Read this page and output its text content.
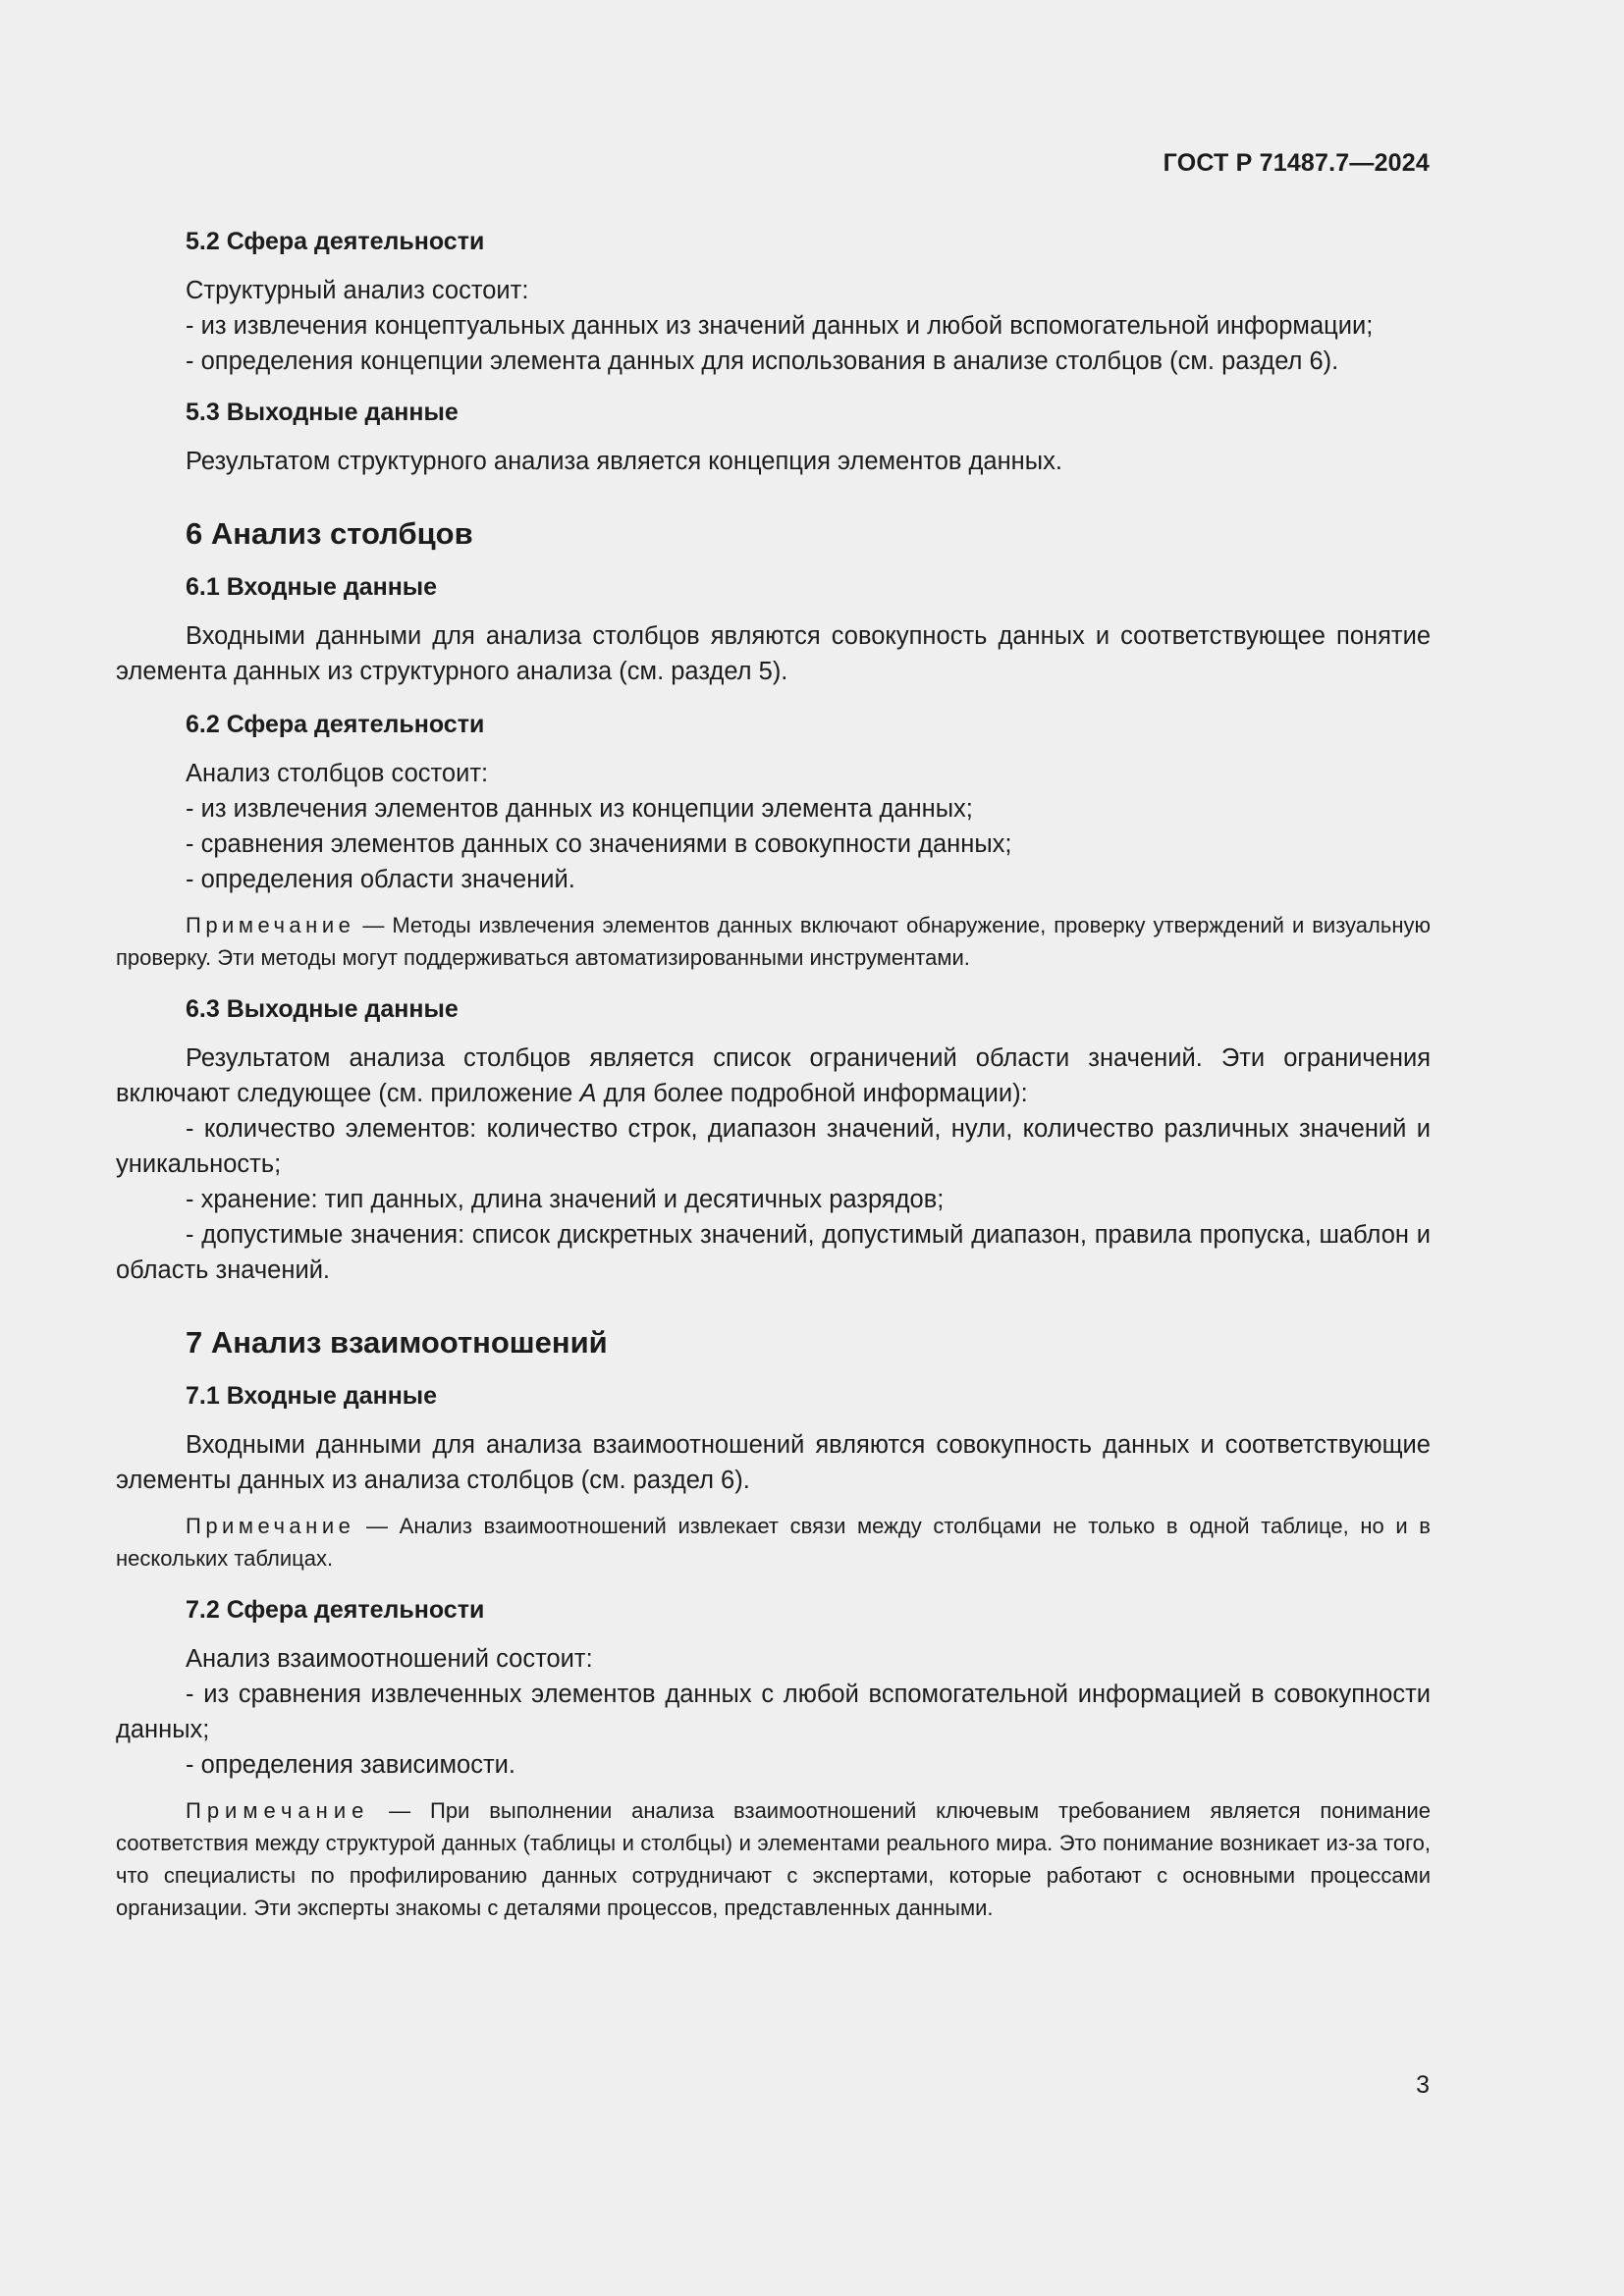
ГОСТ Р 71487.7—2024
5.2 Сфера деятельности

Структурный анализ состоит:

- из извлечения концептуальных данных из значений данных и любой вспомогательной информации;

- определения концепции элемента данных для использования в анализе столбцов (см. раздел 6).

5.3 Выходные данные

Результатом структурного анализа является концепция элементов данных.

6 Анализ столбцов
6.1 Входные данные

Входными данными для анализа столбцов являются совокупность данных и соответствующее понятие элемента данных из структурного анализа (см. раздел 5).

6.2 Сфера деятельности

Анализ столбцов состоит:

- из извлечения элементов данных из концепции элемента данных;

- сравнения элементов данных со значениями в совокупности данных;

- определения области значений.

Примечание — Методы извлечения элементов данных включают обнаружение, проверку утверждений и визуальную проверку. Эти методы могут поддерживаться автоматизированными инструментами.

6.3 Выходные данные

Результатом анализа столбцов является список ограничений области значений. Эти ограничения включают следующее (см. приложение А для более подробной информации):

- количество элементов: количество строк, диапазон значений, нули, количество различных значений и уникальность;

- хранение: тип данных, длина значений и десятичных разрядов;

- допустимые значения: список дискретных значений, допустимый диапазон, правила пропуска, шаблон и область значений.

7 Анализ взаимоотношений
7.1 Входные данные

Входными данными для анализа взаимоотношений являются совокупность данных и соответствующие элементы данных из анализа столбцов (см. раздел 6).

Примечание — Анализ взаимоотношений извлекает связи между столбцами не только в одной таблице, но и в нескольких таблицах.

7.2 Сфера деятельности

Анализ взаимоотношений состоит:

- из сравнения извлеченных элементов данных с любой вспомогательной информацией в совокупности данных;

- определения зависимости.

Примечание — При выполнении анализа взаимоотношений ключевым требованием является понимание соответствия между структурой данных (таблицы и столбцы) и элементами реального мира. Это понимание возникает из-за того, что специалисты по профилированию данных сотрудничают с экспертами, которые работают с основными процессами организации. Эти эксперты знакомы с деталями процессов, представленных данными.

3
